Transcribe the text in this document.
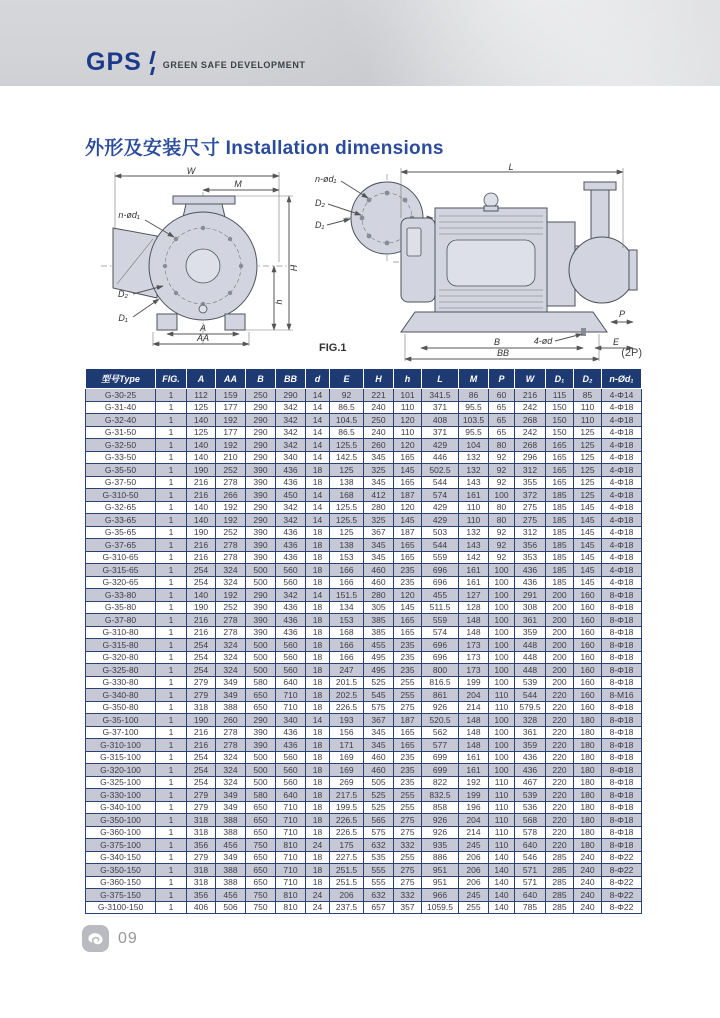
GPS GREEN SAFE DEVELOPMENT
外形及安装尺寸 Installation dimensions
W
M
H
h
A
AA
n-ød₁
D₂
D₁
n-ød₁
D₂
D₁
L
P
4-ød
B	E
BB
FIG.1	(2P)
型号Type	FIG.	A	AA	B	BB	d	E	H	h	L	M	P	W	D₁	D₂	n-Ød₁
G-30-25	1	112	159	250	290	14	92	221	101	341.5	86	60	216	115	85	4-Φ14
G-31-40	1	125	177	290	342	14	86.5	240	110	371	95.5	65	242	150	110	4-Φ18
G-32-40	1	140	192	290	342	14	104.5	250	120	408	103.5	65	268	150	110	4-Φ18
G-31-50	1	125	177	290	342	14	86.5	240	110	371	95.5	65	242	150	125	4-Φ18
G-32-50	1	140	192	290	342	14	125.5	260	120	429	104	80	268	165	125	4-Φ18
G-33-50	1	140	210	290	340	14	142.5	345	165	446	132	92	296	165	125	4-Φ18
G-35-50	1	190	252	390	436	18	125	325	145	502.5	132	92	312	165	125	4-Φ18
G-37-50	1	216	278	390	436	18	138	345	165	544	143	92	355	165	125	4-Φ18
G-310-50	1	216	266	390	450	14	168	412	187	574	161	100	372	185	125	4-Φ18
G-32-65	1	140	192	290	342	14	125.5	280	120	429	110	80	275	185	145	4-Φ18
G-33-65	1	140	192	290	342	14	125.5	325	145	429	110	80	275	185	145	4-Φ18
G-35-65	1	190	252	390	436	18	125	367	187	503	132	92	312	185	145	4-Φ18
G-37-65	1	216	278	390	436	18	138	345	165	544	143	92	356	185	145	4-Φ18
G-310-65	1	216	278	390	436	18	153	345	165	559	142	92	353	185	145	4-Φ18
G-315-65	1	254	324	500	560	18	166	460	235	696	161	100	436	185	145	4-Φ18
G-320-65	1	254	324	500	560	18	166	460	235	696	161	100	436	185	145	4-Φ18
G-33-80	1	140	192	290	342	14	151.5	280	120	455	127	100	291	200	160	8-Φ18
G-35-80	1	190	252	390	436	18	134	305	145	511.5	128	100	308	200	160	8-Φ18
G-37-80	1	216	278	390	436	18	153	385	165	559	148	100	361	200	160	8-Φ18
G-310-80	1	216	278	390	436	18	168	385	165	574	148	100	359	200	160	8-Φ18
G-315-80	1	254	324	500	560	18	166	455	235	696	173	100	448	200	160	8-Φ18
G-320-80	1	254	324	500	560	18	166	495	235	696	173	100	448	200	160	8-Φ18
G-325-80	1	254	324	500	560	18	247	495	235	800	173	100	448	200	160	8-Φ18
G-330-80	1	279	349	580	640	18	201.5	525	255	816.5	199	100	539	200	160	8-Φ18
G-340-80	1	279	349	650	710	18	202.5	545	255	861	204	110	544	220	160	8-M16
G-350-80	1	318	388	650	710	18	226.5	575	275	926	214	110	579.5	220	160	8-Φ18
G-35-100	1	190	260	290	340	14	193	367	187	520.5	148	100	328	220	180	8-Φ18
G-37-100	1	216	278	390	436	18	156	345	165	562	148	100	361	220	180	8-Φ18
G-310-100	1	216	278	390	436	18	171	345	165	577	148	100	359	220	180	8-Φ18
G-315-100	1	254	324	500	560	18	169	460	235	699	161	100	436	220	180	8-Φ18
G-320-100	1	254	324	500	560	18	169	460	235	699	161	100	436	220	180	8-Φ18
G-325-100	1	254	324	500	560	18	269	505	235	822	192	110	467	220	180	8-Φ18
G-330-100	1	279	349	580	640	18	217.5	525	255	832.5	199	110	539	220	180	8-Φ18
G-340-100	1	279	349	650	710	18	199.5	525	255	858	196	110	536	220	180	8-Φ18
G-350-100	1	318	388	650	710	18	226.5	565	275	926	204	110	568	220	180	8-Φ18
G-360-100	1	318	388	650	710	18	226.5	575	275	926	214	110	578	220	180	8-Φ18
G-375-100	1	356	456	750	810	24	175	632	332	935	245	110	640	220	180	8-Φ18
G-340-150	1	279	349	650	710	18	227.5	535	255	886	206	140	546	285	240	8-Φ22
G-350-150	1	318	388	650	710	18	251.5	555	275	951	206	140	571	285	240	8-Φ22
G-360-150	1	318	388	650	710	18	251.5	555	275	951	206	140	571	285	240	8-Φ22
G-375-150	1	356	456	750	810	24	206	632	332	966	245	140	640	285	240	8-Φ22
G-3100-150	1	406	506	750	810	24	237.5	657	357	1059.5	255	140	785	285	240	8-Φ22
09
